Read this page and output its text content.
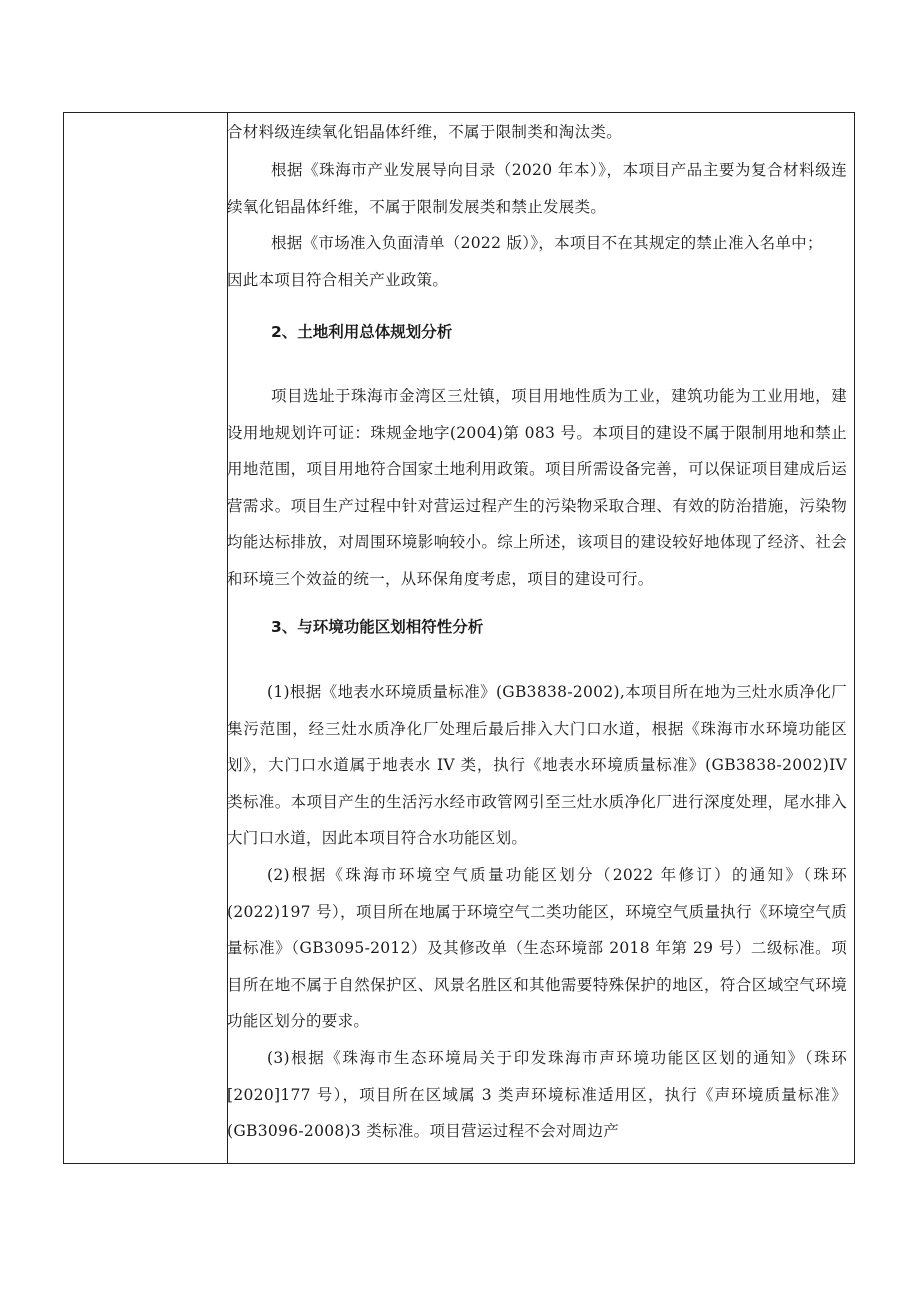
合材料级连续氧化铝晶体纤维，不属于限制类和淘汰类。

根据《珠海市产业发展导向目录（2020 年本）》，本项目产品主要为复合材料级连续氧化铝晶体纤维，不属于限制发展类和禁止发展类。

根据《市场准入负面清单（2022 版）》，本项目不在其规定的禁止准入名单中；

因此本项目符合相关产业政策。

2、土地利用总体规划分析

项目选址于珠海市金湾区三灶镇，项目用地性质为工业，建筑功能为工业用地，建设用地规划许可证：珠规金地字(2004)第 083 号。本项目的建设不属于限制用地和禁止用地范围，项目用地符合国家土地利用政策。项目所需设备完善，可以保证项目建成后运营需求。项目生产过程中针对营运过程产生的污染物采取合理、有效的防治措施，污染物均能达标排放，对周围环境影响较小。综上所述，该项目的建设较好地体现了经济、社会和环境三个效益的统一，从环保角度考虑，项目的建设可行。

3、与环境功能区划相符性分析

(1)根据《地表水环境质量标准》(GB3838-2002),本项目所在地为三灶水质净化厂集污范围，经三灶水质净化厂处理后最后排入大门口水道，根据《珠海市水环境功能区划》，大门口水道属于地表水 IV 类，执行《地表水环境质量标准》(GB3838-2002)IV 类标准。本项目产生的生活污水经市政管网引至三灶水质净化厂进行深度处理，尾水排入大门口水道，因此本项目符合水功能区划。

(2)根据《珠海市环境空气质量功能区划分（2022 年修订）的通知》（珠环(2022)197 号），项目所在地属于环境空气二类功能区，环境空气质量执行《环境空气质量标准》（GB3095-2012）及其修改单（生态环境部 2018 年第 29 号）二级标准。项目所在地不属于自然保护区、风景名胜区和其他需要特殊保护的地区，符合区域空气环境功能区划分的要求。

(3)根据《珠海市生态环境局关于印发珠海市声环境功能区区划的通知》（珠环[2020]177 号），项目所在区域属 3 类声环境标准适用区，执行《声环境质量标准》(GB3096-2008)3 类标准。项目营运过程不会对周边产
